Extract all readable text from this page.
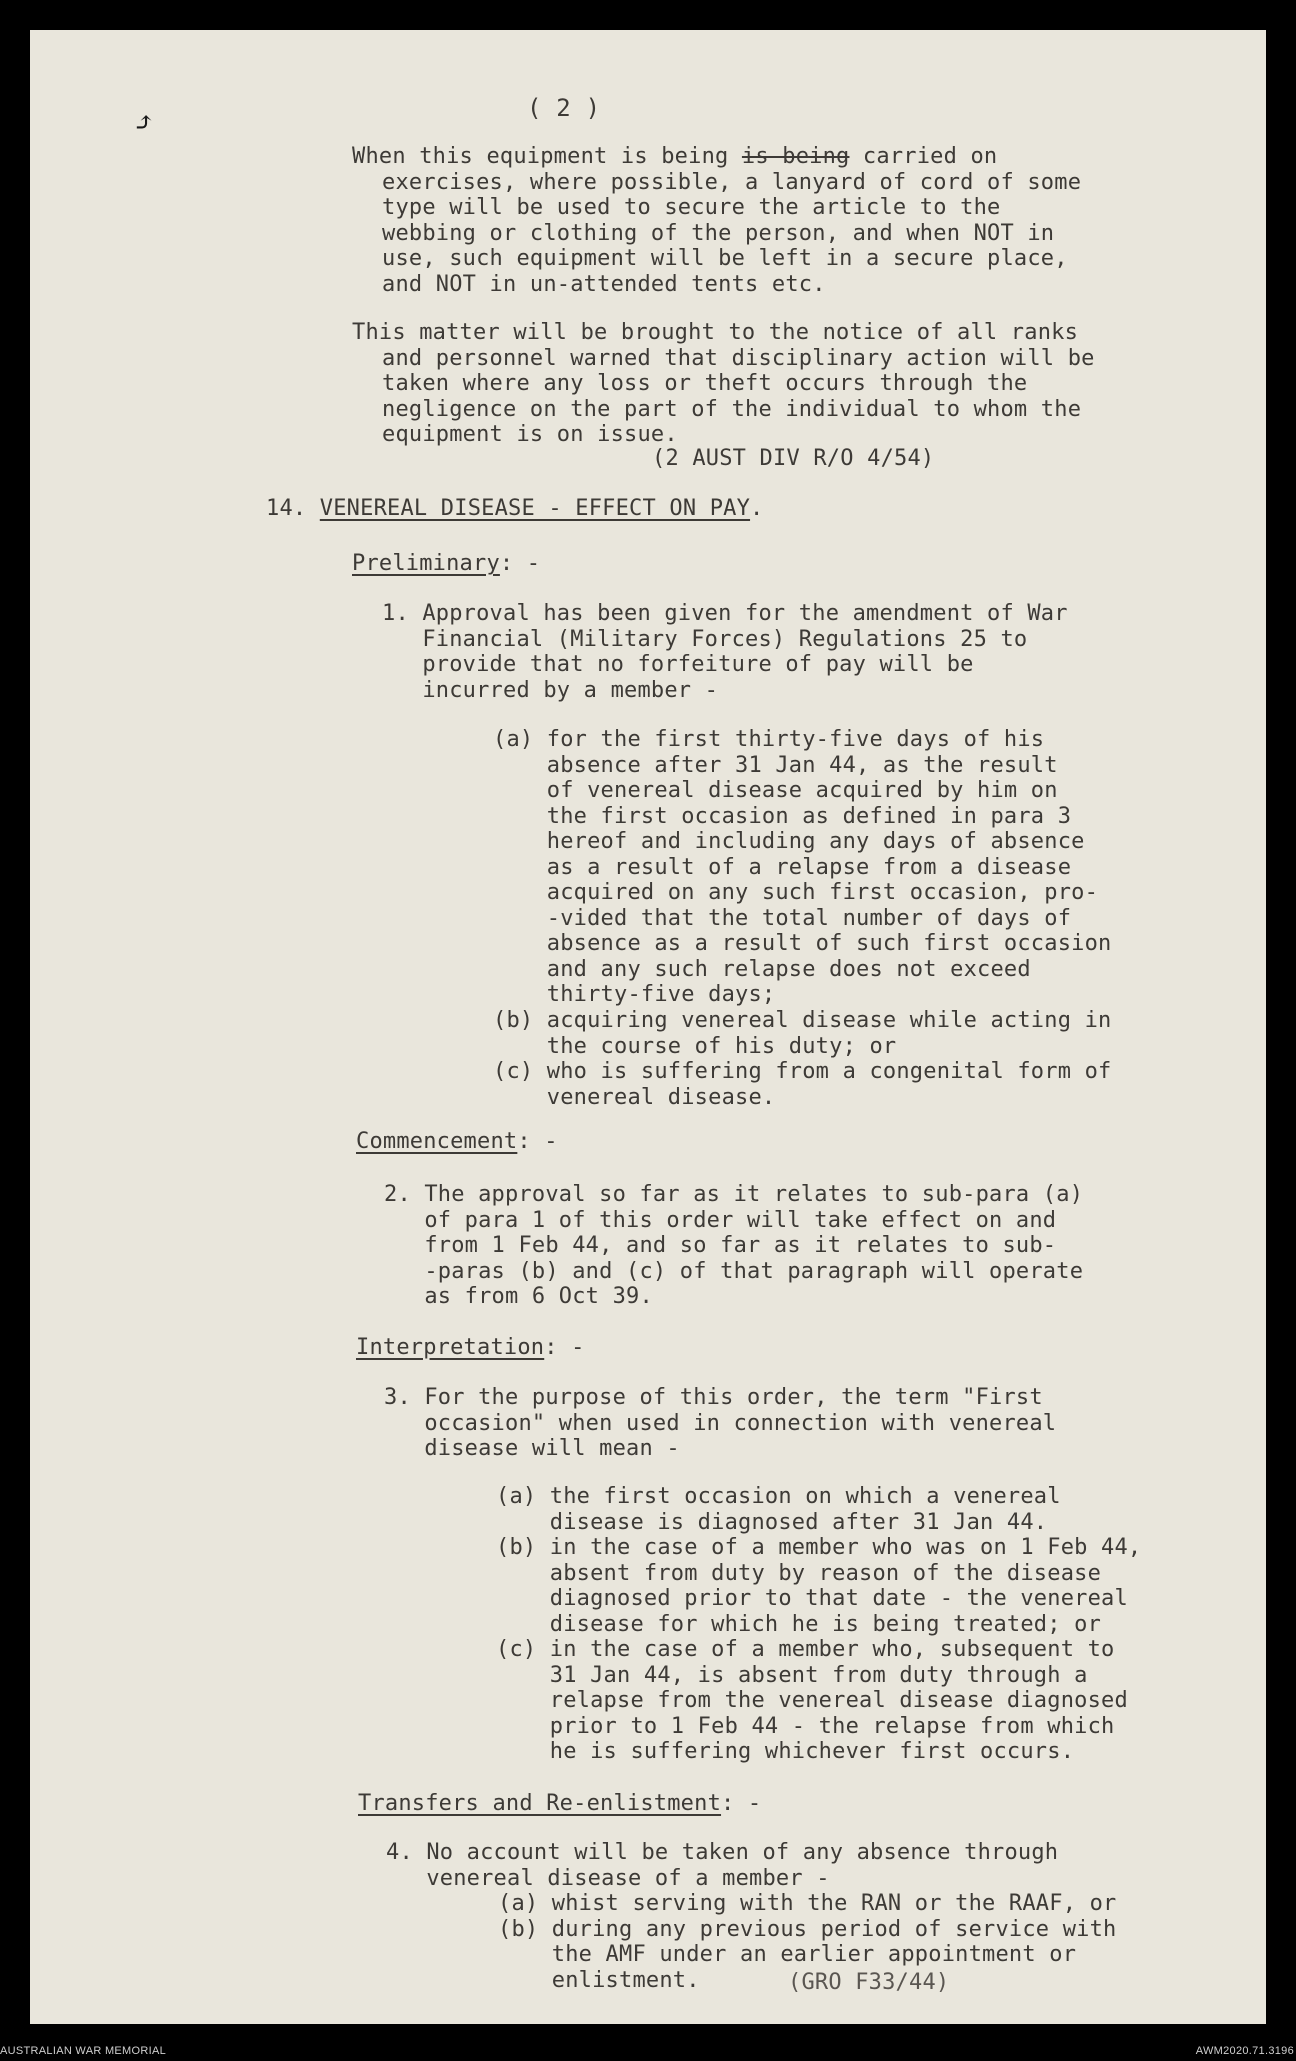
⤴	( 2 )
When this equipment is being is being carried on
exercises, where possible, a lanyard of cord of some
type will be used to secure the article to the
webbing or clothing of the person, and when NOT in
use, such equipment will be left in a secure place,
and NOT in un-attended tents etc.
This matter will be brought to the notice of all ranks
and personnel warned that disciplinary action will be
taken where any loss or theft occurs through the
negligence on the part of the individual to whom the
equipment is on issue.
(2 AUST DIV R/O 4/54)
14. VENEREAL DISEASE - EFFECT ON PAY.
Preliminary: -
1. Approval has been given for the amendment of War
Financial (Military Forces) Regulations 25 to
provide that no forfeiture of pay will be
incurred by a member -
(a) for the first thirty-five days of his
absence after 31 Jan 44, as the result
of venereal disease acquired by him on
the first occasion as defined in para 3
hereof and including any days of absence
as a result of a relapse from a disease
acquired on any such first occasion, pro-
-vided that the total number of days of
absence as a result of such first occasion
and any such relapse does not exceed
thirty-five days;
(b) acquiring venereal disease while acting in
the course of his duty; or
(c) who is suffering from a congenital form of
venereal disease.
Commencement: -
2. The approval so far as it relates to sub-para (a)
of para 1 of this order will take effect on and
from 1 Feb 44, and so far as it relates to sub-
-paras (b) and (c) of that paragraph will operate
as from 6 Oct 39.
Interpretation: -
3. For the purpose of this order, the term "First
occasion" when used in connection with venereal
disease will mean -
(a) the first occasion on which a venereal
disease is diagnosed after 31 Jan 44.
(b) in the case of a member who was on 1 Feb 44,
absent from duty by reason of the disease
diagnosed prior to that date - the venereal
disease for which he is being treated; or
(c) in the case of a member who, subsequent to
31 Jan 44, is absent from duty through a
relapse from the venereal disease diagnosed
prior to 1 Feb 44 - the relapse from which
he is suffering whichever first occurs.
Transfers and Re-enlistment: -
4. No account will be taken of any absence through
venereal disease of a member -
(a) whist serving with the RAN or the RAAF, or
(b) during any previous period of service with
the AMF under an earlier appointment or
enlistment.	(GRO F33/44)
AUSTRALIAN WAR MEMORIAL	AWM2020.71.3196
